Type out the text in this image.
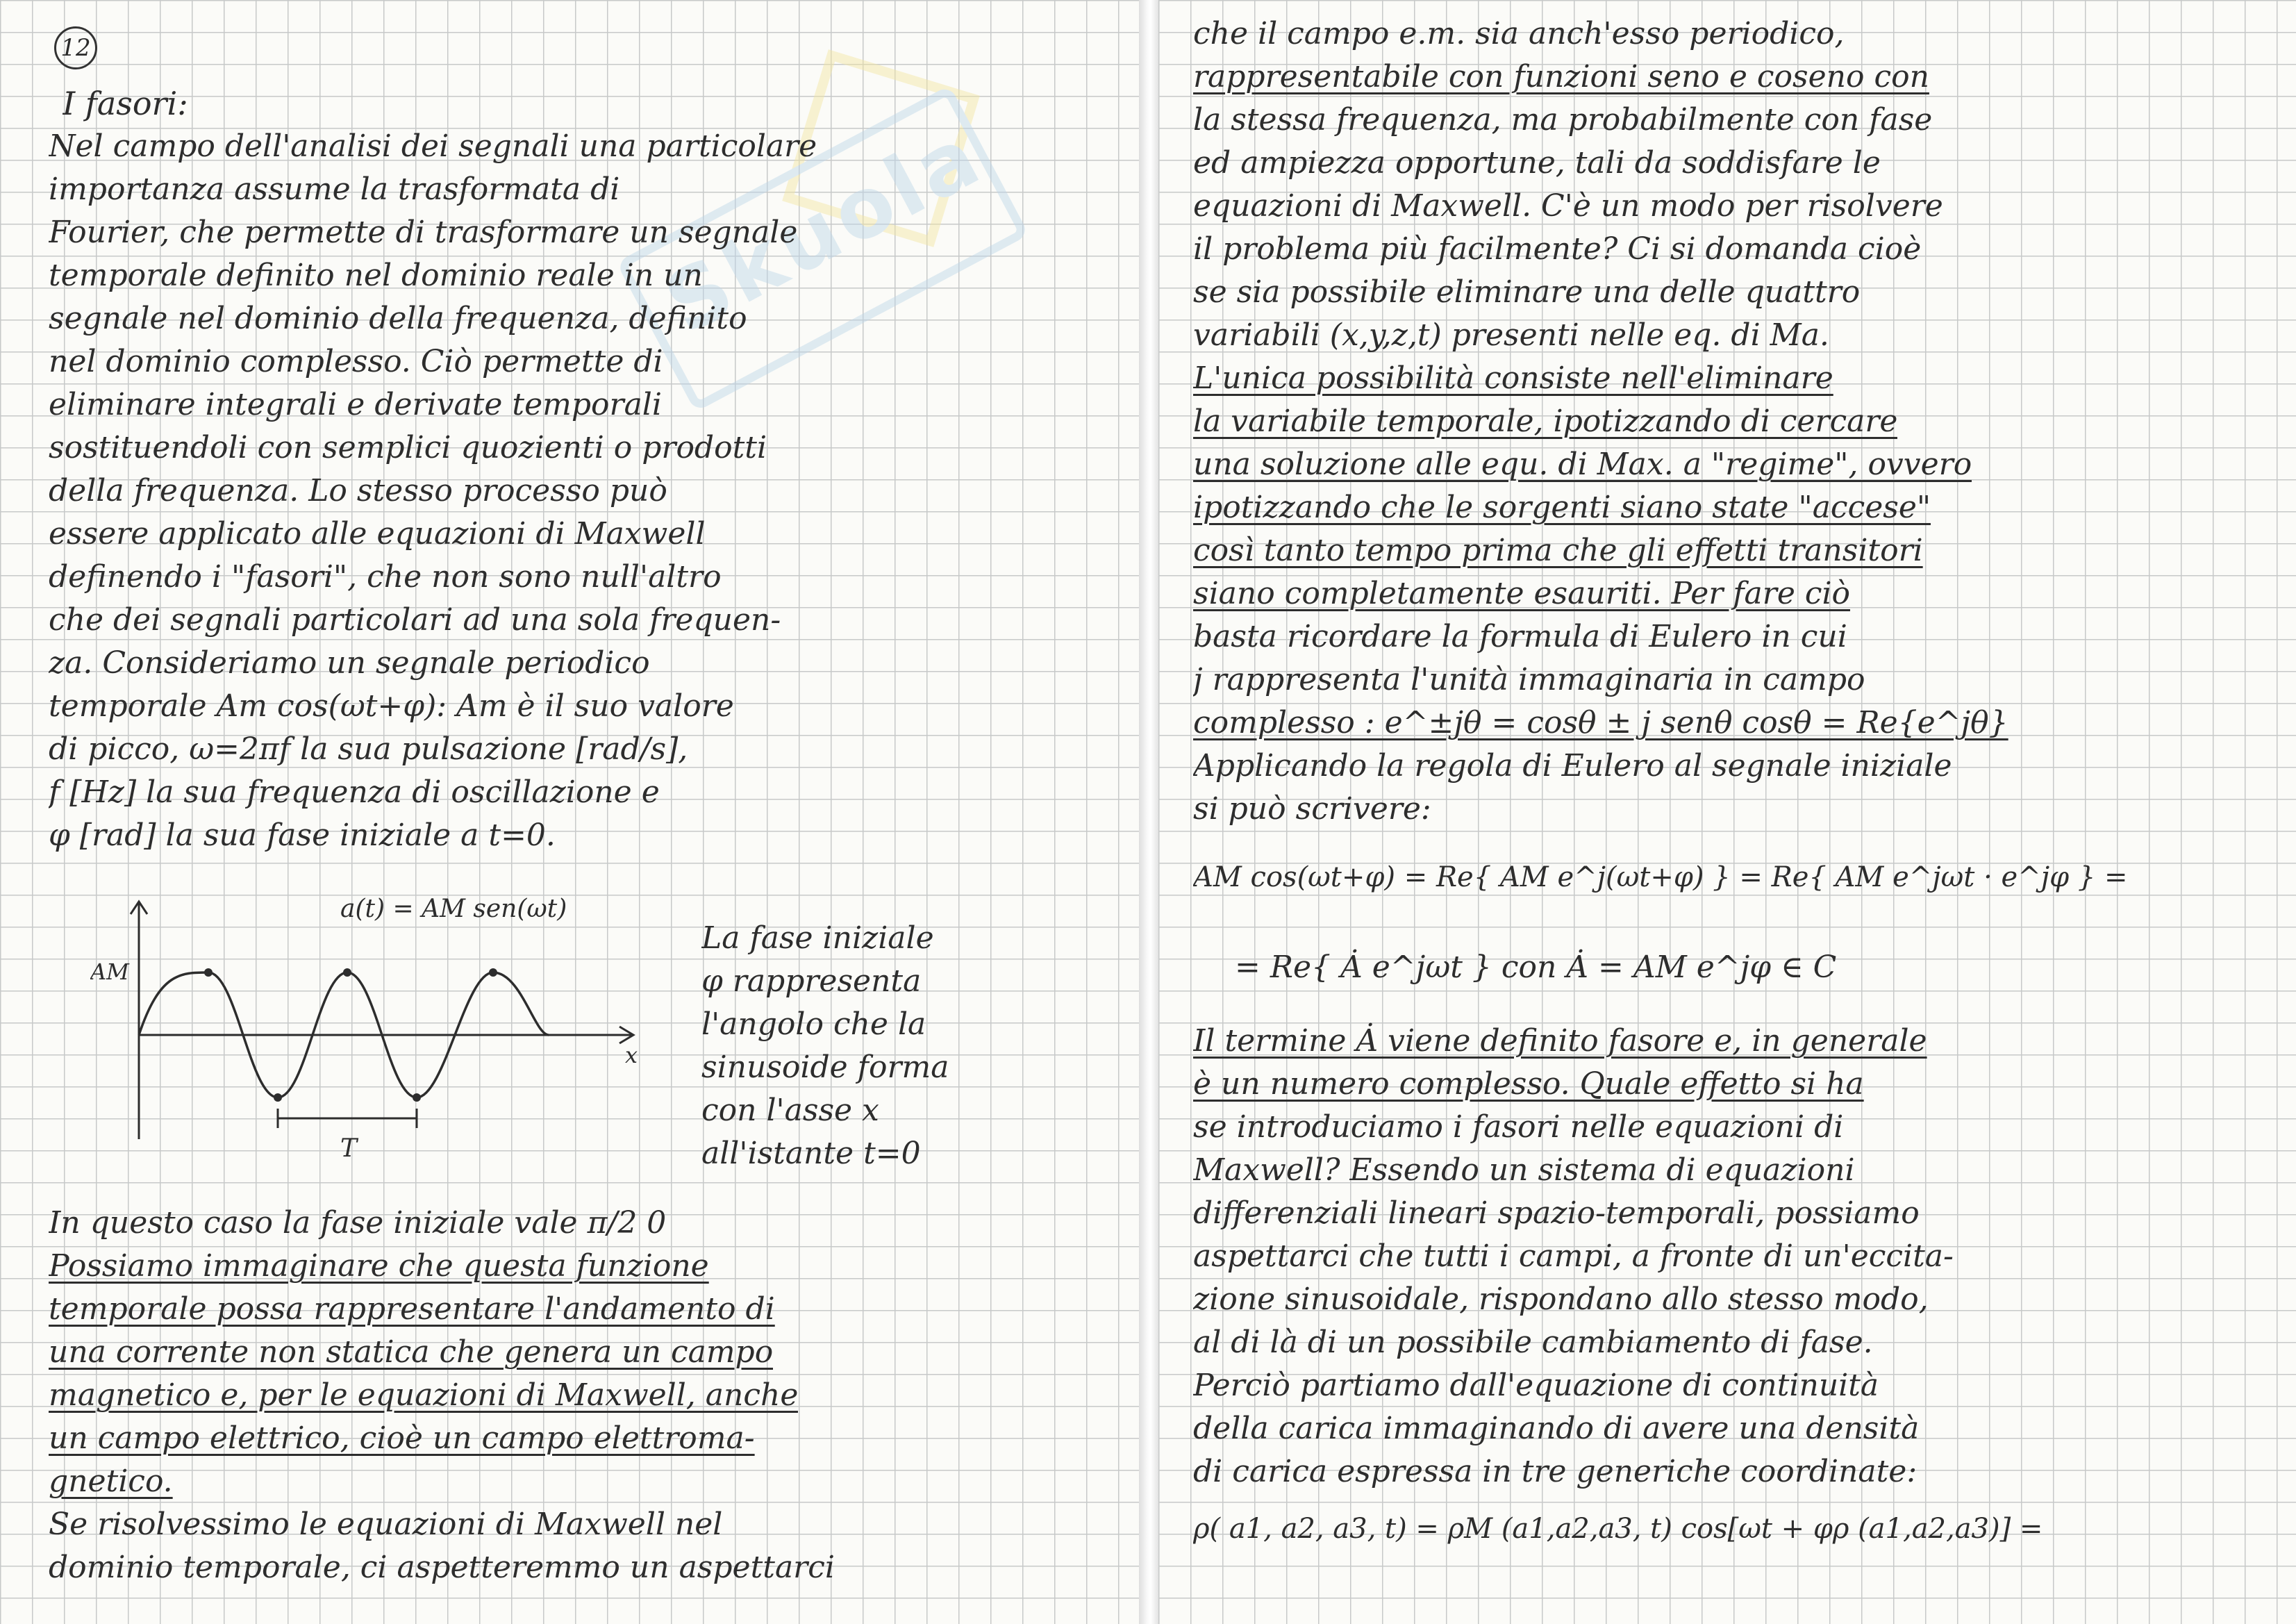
12
Skuola
I fasori:
Nel campo dell'analisi dei segnali una particolare
importanza assume la trasformata di
Fourier, che permette di trasformare un segnale
temporale definito nel dominio reale in un
segnale nel dominio della frequenza, definito
nel dominio complesso. Ciò permette di
eliminare integrali e derivate temporali
sostituendoli con semplici quozienti o prodotti
della frequenza. Lo stesso processo può
essere applicato alle equazioni di Maxwell
definendo i "fasori", che non sono null'altro
che dei segnali particolari ad una sola frequen-
za. Consideriamo un segnale periodico
temporale Am cos(ωt+φ): Am è il suo valore
di picco, ω=2πf la sua pulsazione [rad/s],
f [Hz] la sua frequenza di oscillazione e
φ [rad] la sua fase iniziale a t=0.
a(t) = AM sen(ωt)
AM
x
T
La fase iniziale
φ rappresenta
l'angolo che la
sinusoide forma
con l'asse x
all'istante t=0
In questo caso la fase iniziale vale π/2 0
Possiamo immaginare che questa funzione
temporale possa rappresentare l'andamento di
una corrente non statica che genera un campo
magnetico e, per le equazioni di Maxwell, anche
un campo elettrico, cioè un campo elettroma-
gnetico.
Se risolvessimo le equazioni di Maxwell nel
dominio temporale, ci aspetteremmo un aspettarci
che il campo e.m. sia anch'esso periodico,
rappresentabile con funzioni seno e coseno con
la stessa frequenza, ma probabilmente con fase
ed ampiezza opportune, tali da soddisfare le
equazioni di Maxwell. C'è un modo per risolvere
il problema più facilmente? Ci si domanda cioè
se sia possibile eliminare una delle quattro
variabili (x,y,z,t) presenti nelle eq. di Ma.
L'unica possibilità consiste nell'eliminare
la variabile temporale, ipotizzando di cercare
una soluzione alle equ. di Max. a "regime", ovvero
ipotizzando che le sorgenti siano state "accese"
così tanto tempo prima che gli effetti transitori
siano completamente esauriti. Per fare ciò
basta ricordare la formula di Eulero in cui
j rappresenta l'unità immaginaria in campo
complesso : e^±jθ = cosθ ± j senθ cosθ = Re{e^jθ}
Applicando la regola di Eulero al segnale iniziale
si può scrivere:
AM cos(ωt+φ) = Re{ AM e^j(ωt+φ) } = Re{ AM e^jωt · e^jφ } =
= Re{ Ȧ e^jωt } con Ȧ = AM e^jφ ∈ C
Il termine Ȧ viene definito fasore e, in generale
è un numero complesso. Quale effetto si ha
se introduciamo i fasori nelle equazioni di
Maxwell? Essendo un sistema di equazioni
differenziali lineari spazio-temporali, possiamo
aspettarci che tutti i campi, a fronte di un'eccita-
zione sinusoidale, rispondano allo stesso modo,
al di là di un possibile cambiamento di fase.
Perciò partiamo dall'equazione di continuità
della carica immaginando di avere una densità
di carica espressa in tre generiche coordinate:
ρ( a1, a2, a3, t) = ρM (a1,a2,a3, t) cos[ωt + φρ (a1,a2,a3)] =
